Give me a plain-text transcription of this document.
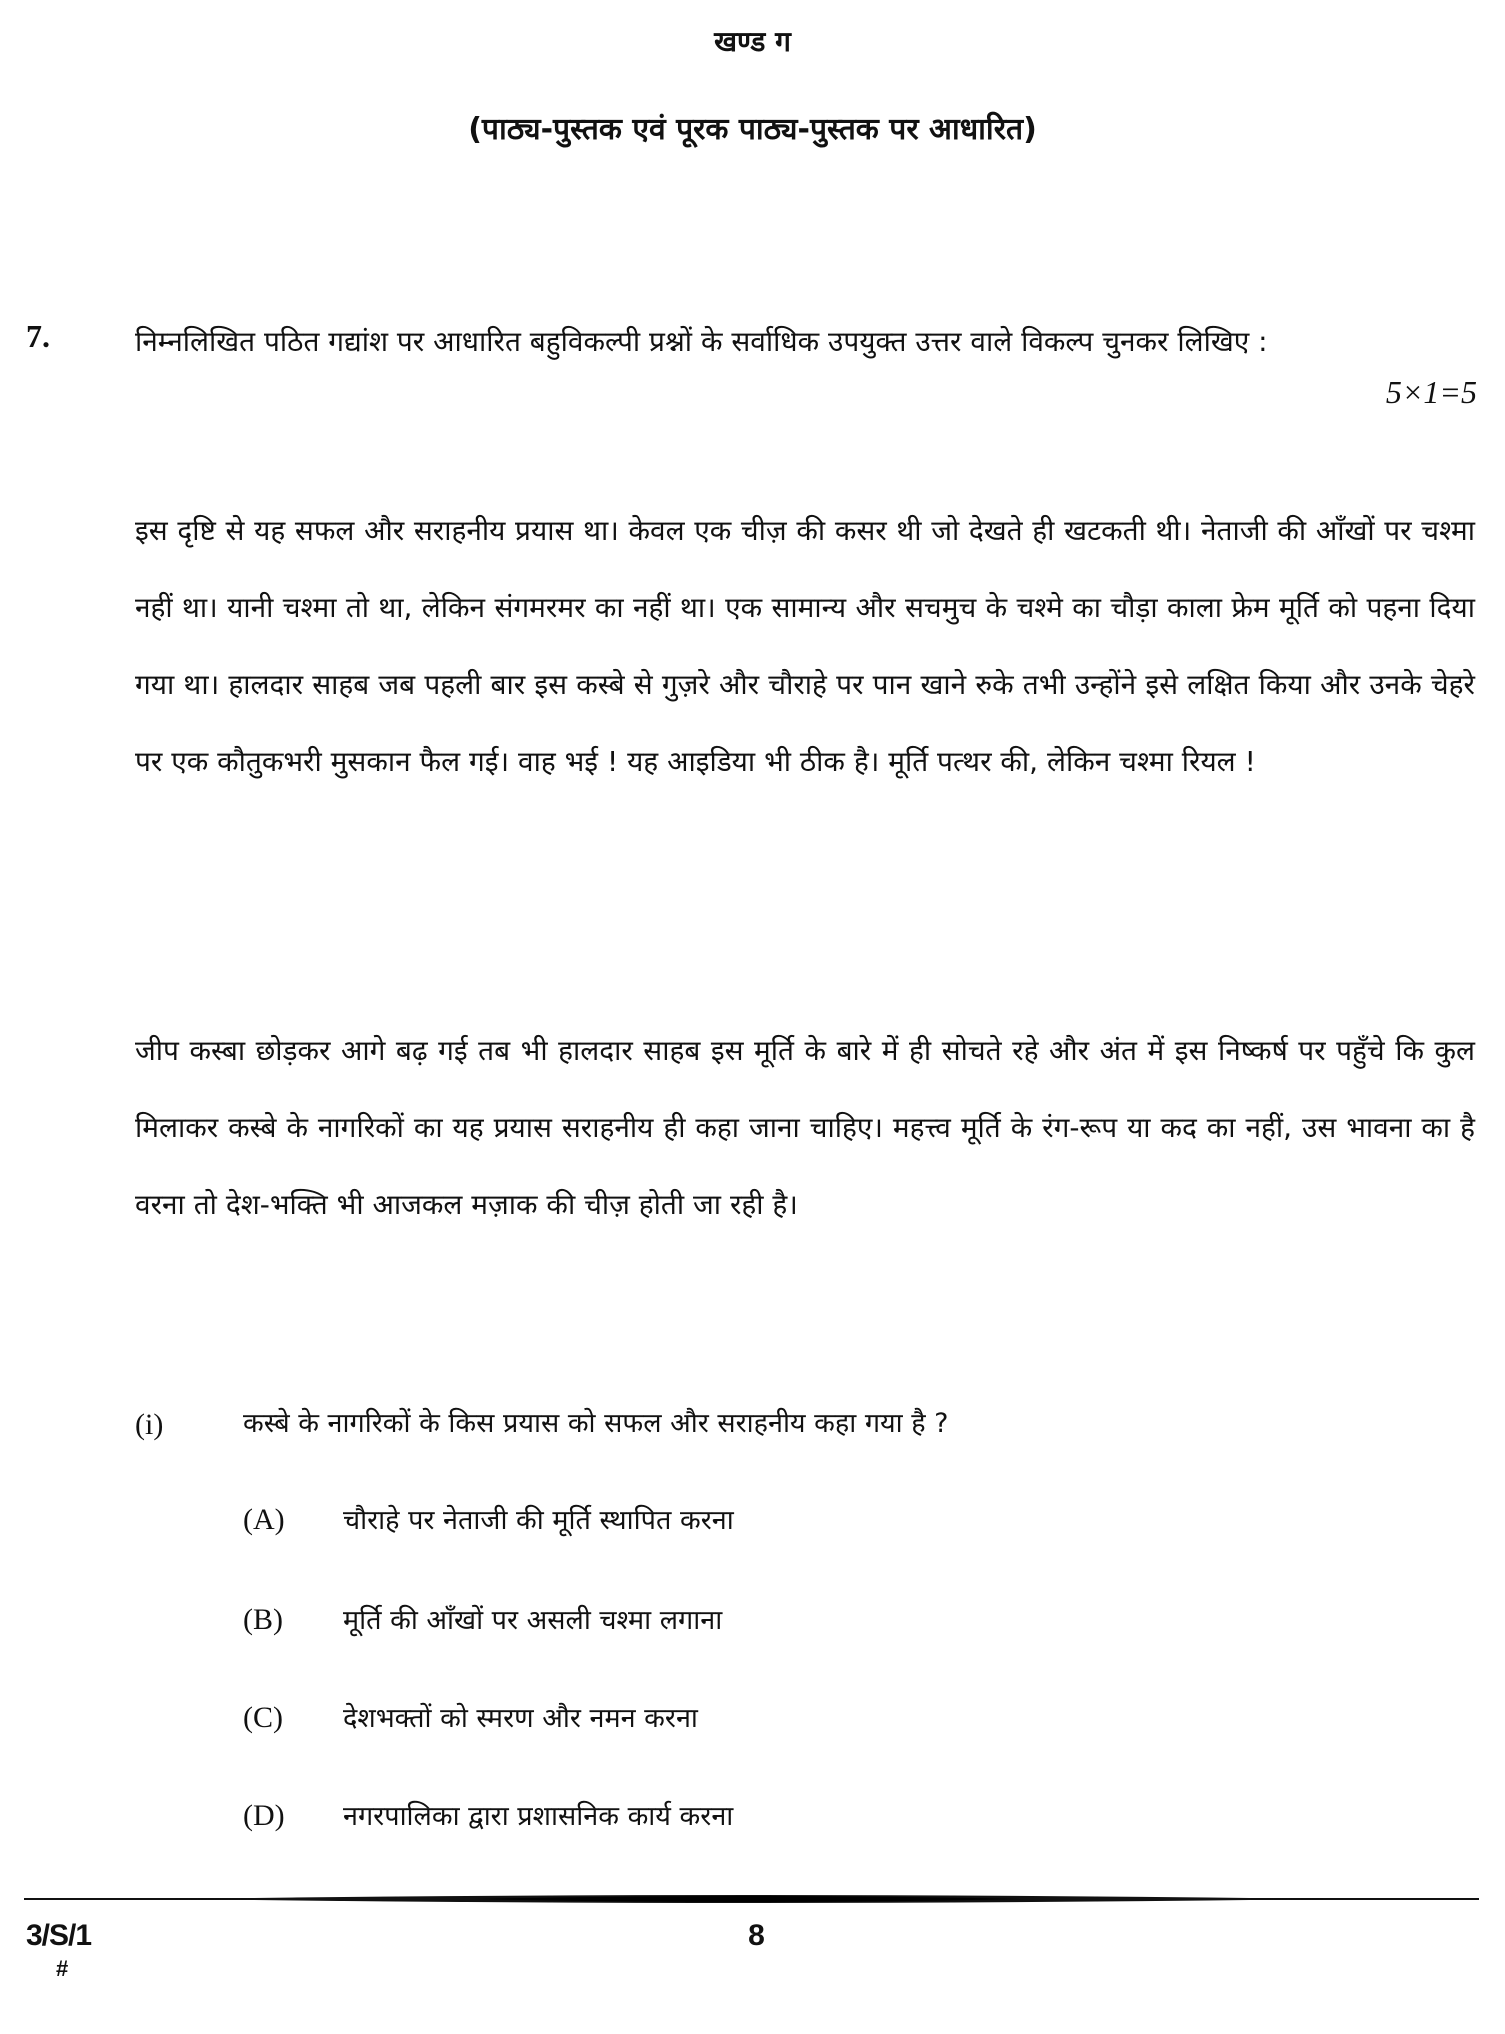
खण्ड ग
(पाठ्य-पुस्तक एवं पूरक पाठ्य-पुस्तक पर आधारित)
7.	निम्नलिखित पठित गद्यांश पर आधारित बहुविकल्पी प्रश्नों के सर्वाधिक उपयुक्त उत्तर वाले विकल्प चुनकर लिखिए :
5×1=5

इस दृष्टि से यह सफल और सराहनीय प्रयास था। केवल एक चीज़ की कसर थी जो देखते ही खटकती थी। नेताजी की आँखों पर चश्मा नहीं था। यानी चश्मा तो था, लेकिन संगमरमर का नहीं था। एक सामान्य और सचमुच के चश्मे का चौड़ा काला फ्रेम मूर्ति को पहना दिया गया था। हालदार साहब जब पहली बार इस कस्बे से गुज़रे और चौराहे पर पान खाने रुके तभी उन्होंने इसे लक्षित किया और उनके चेहरे पर एक कौतुकभरी मुसकान फैल गई। वाह भई ! यह आइडिया भी ठीक है। मूर्ति पत्थर की, लेकिन चश्मा रियल !

जीप कस्बा छोड़कर आगे बढ़ गई तब भी हालदार साहब इस मूर्ति के बारे में ही सोचते रहे और अंत में इस निष्कर्ष पर पहुँचे कि कुल मिलाकर कस्बे के नागरिकों का यह प्रयास सराहनीय ही कहा जाना चाहिए। महत्त्व मूर्ति के रंग-रूप या कद का नहीं, उस भावना का है वरना तो देश-भक्ति भी आजकल मज़ाक की चीज़ होती जा रही है।

(i)	कस्बे के नागरिकों के किस प्रयास को सफल और सराहनीय कहा गया है ?
(A)	चौराहे पर नेताजी की मूर्ति स्थापित करना
(B)	मूर्ति की आँखों पर असली चश्मा लगाना
(C)	देशभक्तों को स्मरण और नमन करना
(D)	नगरपालिका द्वारा प्रशासनिक कार्य करना
3/S/1
#
8
